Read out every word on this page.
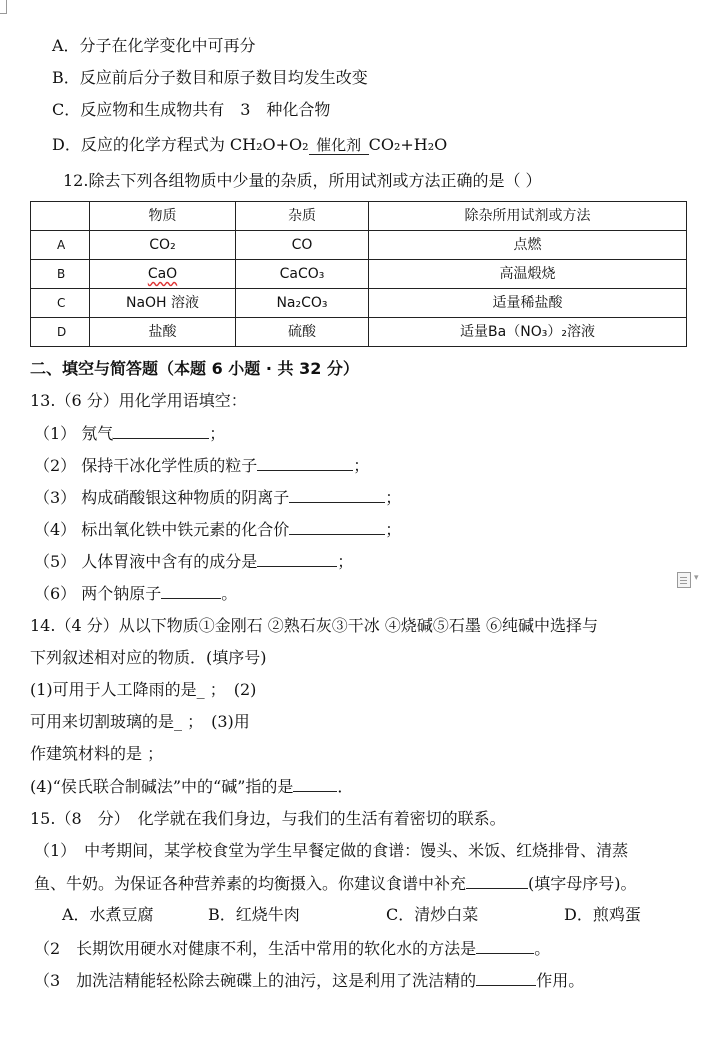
A．分子在化学变化中可再分
B．反应前后分子数目和原子数目均发生改变
C．反应物和生成物共有　3　种化合物
D．反应的化学方程式为 CH₂O+O₂ 催化剂 CO₂+H₂O
12.除去下列各组物质中少量的杂质，所用试剂或方法正确的是（ ）
	物质	杂质	除杂所用试剂或方法
A	CO₂	CO	点燃
B	CaO	CaCO₃	高温煅烧
C	NaOH 溶液	Na₂CO₃	适量稀盐酸
D	盐酸	硫酸	适量Ba（NO₃）₂溶液
二、填空与简答题（本题 6 小题 · 共 32 分）
13.（6 分）用化学用语填空：
（1） 氖气	；
（2） 保持干冰化学性质的粒子	；
（3） 构成硝酸银这种物质的阴离子	；
（4） 标出氧化铁中铁元素的化合价	；
（5） 人体胃液中含有的成分是	；
（6） 两个钠原子	。
▾
14.（4 分）从以下物质①金刚石 ②熟石灰③干冰 ④烧碱⑤石墨 ⑥纯碱中选择与
下列叙述相对应的物质．(填序号)
(1)可用于人工降雨的是_ ；　(2)
可用来切割玻璃的是_ ；　(3)用
作建筑材料的是 ；
(4)“侯氏联合制碱法”中的“碱”指的是	．
15.（8　分）　化学就在我们身边，与我们的生活有着密切的联系。
（1）　中考期间，某学校食堂为学生早餐定做的食谱：馒头、米饭、红烧排骨、清蒸
鱼、牛奶。为保证各种营养素的均衡摄入。你建议食谱中补充	(填字母序号)。
A．水煮豆腐	B．红烧牛肉	C．清炒白菜	D．煎鸡蛋
（2　长期饮用硬水对健康不利，生活中常用的软化水的方法是	。
（3　加洗洁精能轻松除去碗碟上的油污，这是利用了洗洁精的	作用。
